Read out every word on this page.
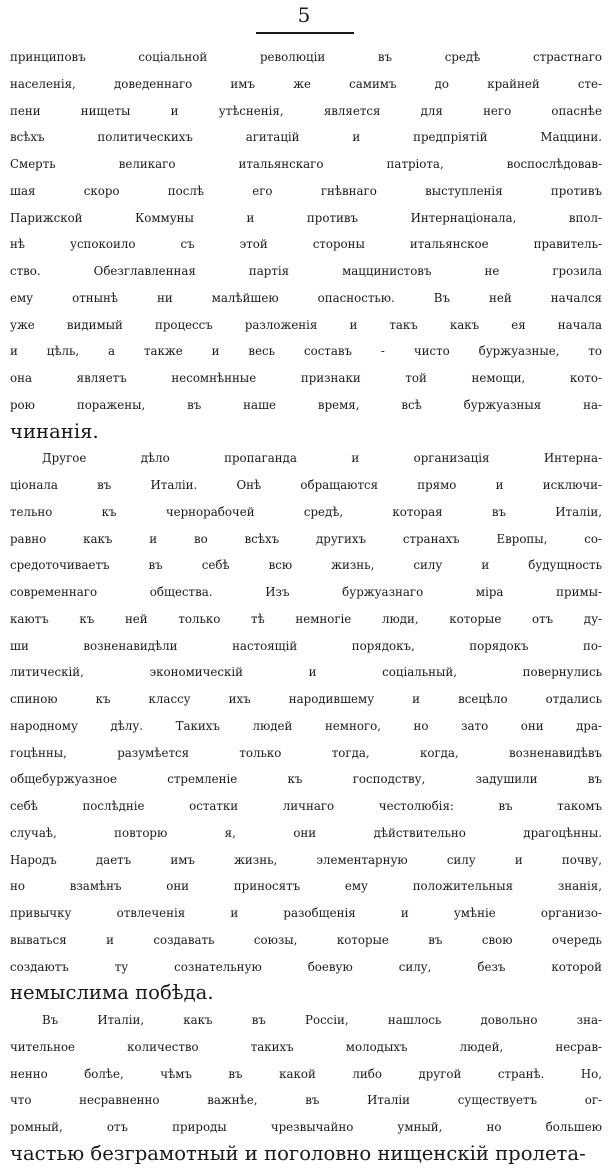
5
принциповъ соціальной революціи въ средѣ страстнаго
населенія, доведеннаго имъ же самимъ до крайней сте-
пени нищеты и утѣсненія, является для него опаснѣе
всѣхъ политическихъ агитацій и предпріятій Маццини.
Смерть великаго итальянскаго патріота, воспослѣдовав-
шая скоро послѣ его гнѣвнаго выступленія противъ
Парижской Коммуны и противъ Интернаціонала, впол-
нѣ успокоило съ этой стороны итальянское правитель-
ство. Обезглавленная партія маццинистовъ не грозила
ему отнынѣ ни малѣйшею опасностью. Въ ней начался
уже видимый процессъ разложенія и такъ какъ ея начала
и цѣль, а также и весь составъ - чисто буржуазные, то
она являетъ несомнѣнные признаки той немощи, кото-
рою поражены, въ наше время, всѣ буржуазныя на-
чинанія.
Другое дѣло пропаганда и организація Интерна-
ціонала въ Италіи. Онѣ обращаются прямо и исключи-
тельно къ чернорабочей средѣ, которая въ Италіи,
равно какъ и во всѣхъ другихъ странахъ Европы, со-
средоточиваетъ въ себѣ всю жизнь, силу и будущность
современнаго общества. Изъ буржуазнаго міра примы-
каютъ къ ней только тѣ немногіе люди, которые отъ ду-
ши возненавидѣли настоящій порядокъ, порядокъ по-
литическій, экономическій и соціальный, повернулись
спиною къ классу ихъ народившему и всецѣло отдались
народному дѣлу. Такихъ людей немного, но зато они дра-
гоцѣнны, разумѣется только тогда, когда, возненавидѣвъ
общебуржуазное стремленіе къ господству, задушили въ
себѣ послѣдніе остатки личнаго честолюбія: въ такомъ
случаѣ, повторю я, они дѣйствительно драгоцѣнны.
Народъ даетъ имъ жизнь, элементарную силу и почву,
но взамѣнъ они приносятъ ему положительныя знанія,
привычку отвлеченія и разобщенія и умѣніе организо-
вываться и создавать союзы, которые въ свою очередь
создаютъ ту сознательную боевую силу, безъ которой
немыслима побѣда.
Въ Италіи, какъ въ Россіи, нашлось довольно зна-
чительное количество такихъ молодыхъ людей, несрав-
ненно болѣе, чѣмъ въ какой либо другой странѣ. Но,
что несравненно важнѣе, въ Италіи существуетъ ог-
ромный, отъ природы чрезвычайно умный, но большею
частью безграмотный и поголовно нищенскій пролета-
